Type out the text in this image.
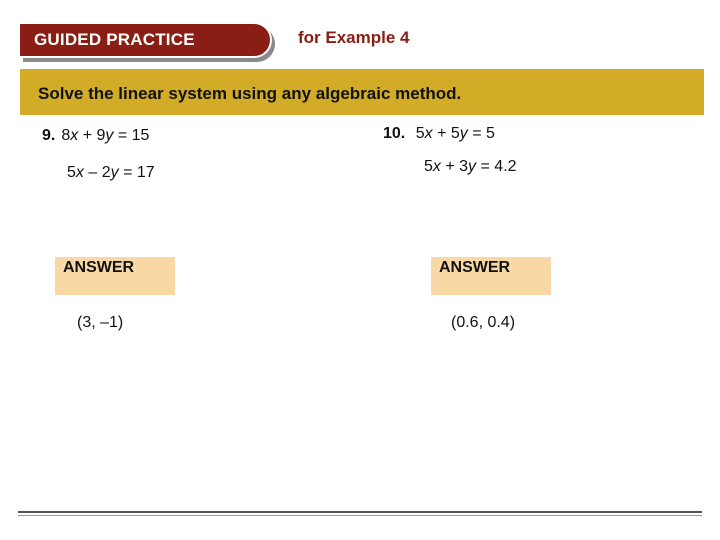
GUIDED PRACTICE	for Example 4
Solve the linear system using any algebraic method.
9. 8x + 9y = 15
5x – 2y = 17
ANSWER
(3, –1)
10. 5x + 5y = 5
5x + 3y = 4.2
ANSWER
(0.6, 0.4)
